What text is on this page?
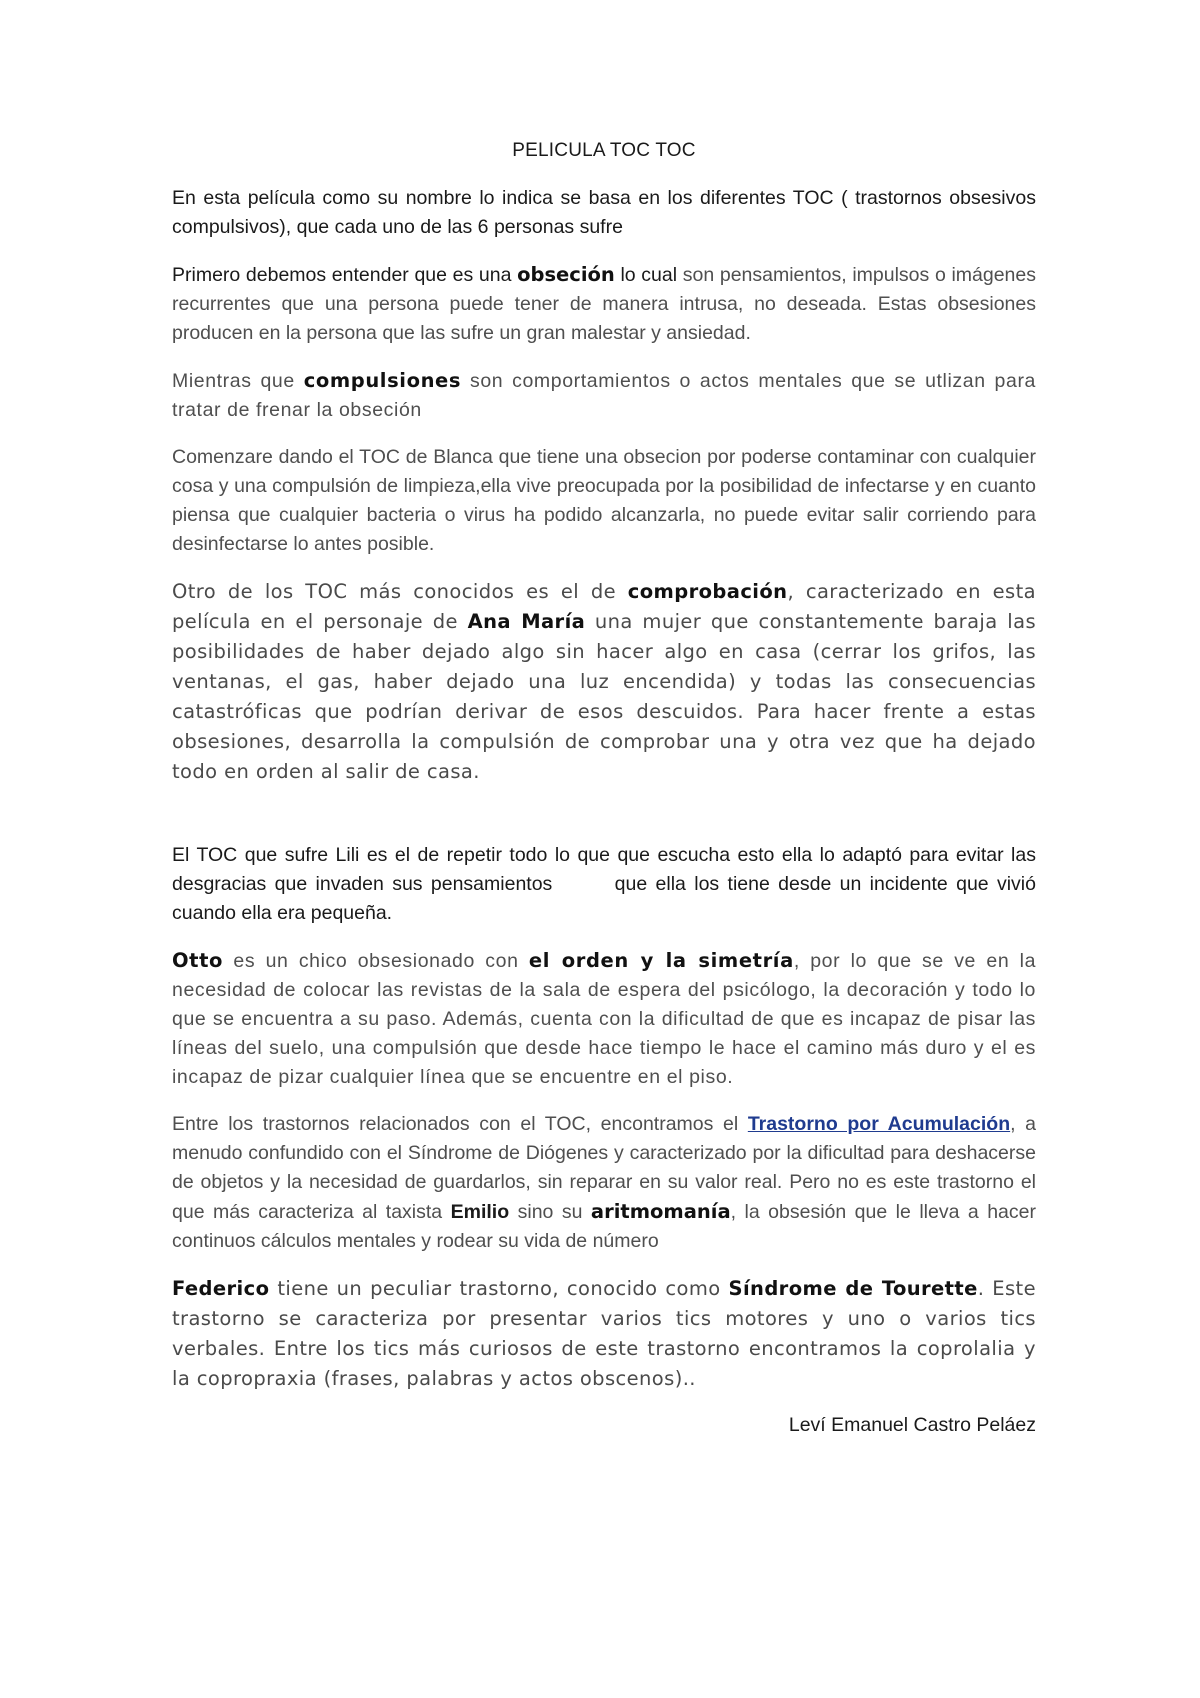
PELICULA TOC TOC

En esta película como su nombre lo indica se basa en los diferentes TOC ( trastornos obsesivos compulsivos), que cada uno de las 6 personas sufre

Primero debemos entender que es una obseción lo cual son pensamientos, impulsos o imágenes recurrentes que una persona puede tener de manera intrusa, no deseada. Estas obsesiones producen en la persona que las sufre un gran malestar y ansiedad.

Mientras que compulsiones son comportamientos o actos mentales que se utlizan para tratar de frenar la obseción

Comenzare dando el TOC de Blanca que tiene una obsecion por poderse contaminar con cualquier cosa y una compulsión de limpieza,ella vive preocupada por la posibilidad de infectarse y en cuanto piensa que cualquier bacteria o virus ha podido alcanzarla, no puede evitar salir corriendo para desinfectarse lo antes posible.

Otro de los TOC más conocidos es el de comprobación, caracterizado en esta película en el personaje de Ana María una mujer que constantemente baraja las posibilidades de haber dejado algo sin hacer algo en casa (cerrar los grifos, las ventanas, el gas, haber dejado una luz encendida) y todas las consecuencias catastróficas que podrían derivar de esos descuidos. Para hacer frente a estas obsesiones, desarrolla la compulsión de comprobar una y otra vez que ha dejado todo en orden al salir de casa.

El TOC que sufre Lili es el de repetir todo lo que que escucha esto ella lo adaptó para evitar las desgracias que invaden sus pensamientos	que ella los tiene desde un incidente que vivió cuando ella era pequeña.

Otto es un chico obsesionado con el orden y la simetría, por lo que se ve en la necesidad de colocar las revistas de la sala de espera del psicólogo, la decoración y todo lo que se encuentra a su paso. Además, cuenta con la dificultad de que es incapaz de pisar las líneas del suelo, una compulsión que desde hace tiempo le hace el camino más duro y el es incapaz de pizar cualquier línea que se encuentre en el piso.

Entre los trastornos relacionados con el TOC, encontramos el Trastorno por Acumulación, a menudo confundido con el Síndrome de Diógenes y caracterizado por la dificultad para deshacerse de objetos y la necesidad de guardarlos, sin reparar en su valor real. Pero no es este trastorno el que más caracteriza al taxista Emilio sino su aritmomanía, la obsesión que le lleva a hacer continuos cálculos mentales y rodear su vida de número

Federico tiene un peculiar trastorno, conocido como Síndrome de Tourette. Este trastorno se caracteriza por presentar varios tics motores y uno o varios tics verbales. Entre los tics más curiosos de este trastorno encontramos la coprolalia y la copropraxia (frases, palabras y actos obscenos)..

Leví Emanuel Castro Peláez
